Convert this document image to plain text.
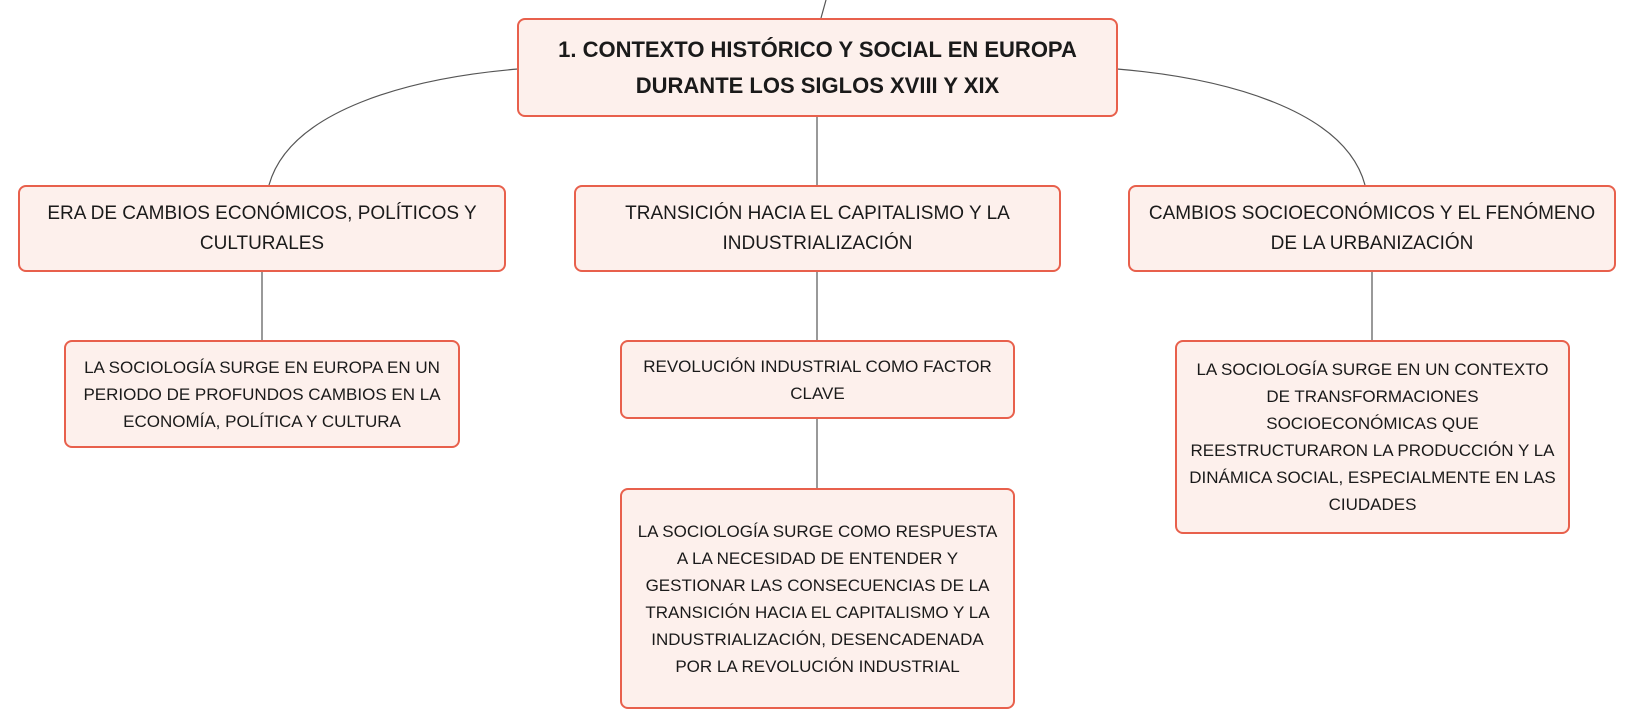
1. CONTEXTO HISTÓRICO Y SOCIAL EN EUROPA DURANTE LOS SIGLOS XVIII Y XIX
ERA DE CAMBIOS ECONÓMICOS, POLÍTICOS Y CULTURALES
TRANSICIÓN HACIA EL CAPITALISMO Y LA INDUSTRIALIZACIÓN
CAMBIOS SOCIOECONÓMICOS Y EL FENÓMENO DE LA URBANIZACIÓN
LA SOCIOLOGÍA SURGE EN EUROPA EN UN PERIODO DE PROFUNDOS CAMBIOS EN LA ECONOMÍA, POLÍTICA Y CULTURA
REVOLUCIÓN INDUSTRIAL COMO FACTOR CLAVE
LA SOCIOLOGÍA SURGE COMO RESPUESTA A LA NECESIDAD DE ENTENDER Y GESTIONAR LAS CONSECUENCIAS DE LA TRANSICIÓN HACIA EL CAPITALISMO Y LA INDUSTRIALIZACIÓN, DESENCADENADA POR LA REVOLUCIÓN INDUSTRIAL
LA SOCIOLOGÍA SURGE EN UN CONTEXTO DE TRANSFORMACIONES SOCIOECONÓMICAS QUE REESTRUCTURARON LA PRODUCCIÓN Y LA DINÁMICA SOCIAL, ESPECIALMENTE EN LAS CIUDADES
